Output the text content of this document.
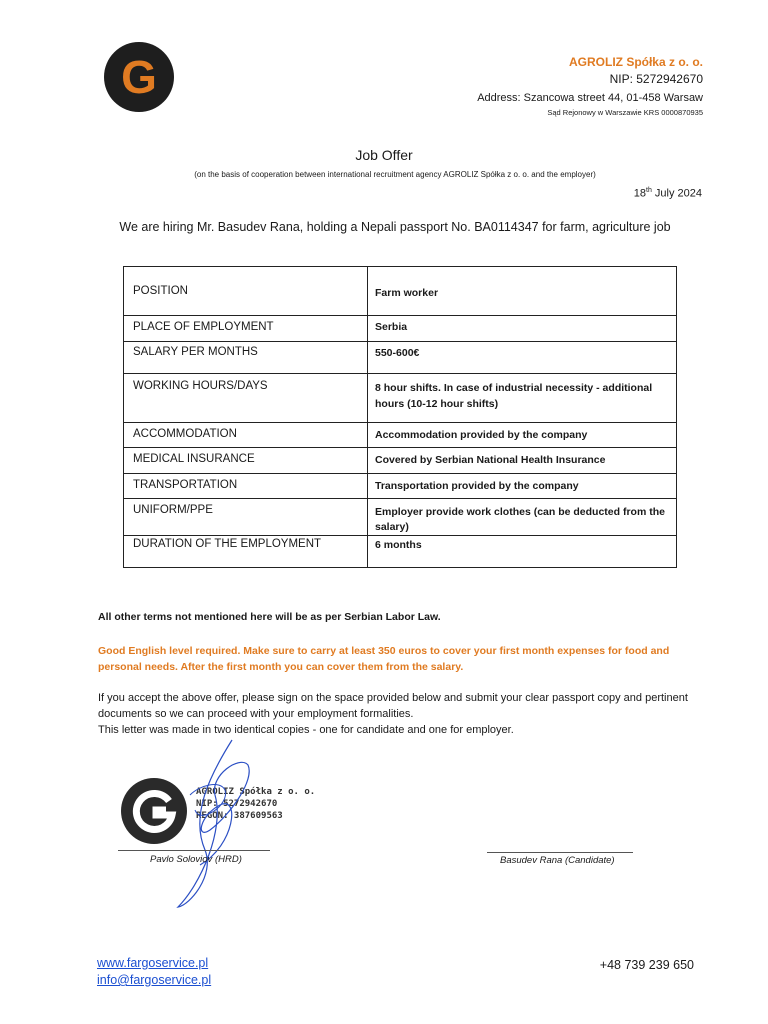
G	AGROLIZ Spółka z o. o.
NIP: 5272942670
Address: Szancowa street 44, 01-458 Warsaw
Sąd Rejonowy w Warszawie KRS 0000870935
Job Offer
(on the basis of cooperation between international recruitment agency AGROLIZ Spółka z o. o. and the employer)
18th July 2024
We are hiring Mr. Basudev Rana, holding a Nepali passport No. BA0114347 for farm, agriculture job
POSITION	Farm worker
PLACE OF EMPLOYMENT	Serbia
SALARY PER MONTHS	550-600€
WORKING HOURS/DAYS	8 hour shifts. In case of industrial necessity - additional hours (10-12 hour shifts)
ACCOMMODATION	Accommodation provided by the company
MEDICAL INSURANCE	Covered by Serbian National Health Insurance
TRANSPORTATION	Transportation provided by the company
UNIFORM/PPE	Employer provide work clothes (can be deducted from the salary)
DURATION OF THE EMPLOYMENT	6 months
All other terms not mentioned here will be as per Serbian Labor Law.
Good English level required. Make sure to carry at least 350 euros to cover your first month expenses for food and personal needs. After the first month you can cover them from the salary.
If you accept the above offer, please sign on the space provided below and submit your clear passport copy and pertinent documents so we can proceed with your employment formalities.
This letter was made in two identical copies - one for candidate and one for employer.
AGROLIZ Spółka z o. o.
NIP: 5272942670
REGON: 387609563
Pavlo Soloviov (HRD)	Basudev Rana (Candidate)
www.fargoservice.pl
info@fargoservice.pl
+48 739 239 650
